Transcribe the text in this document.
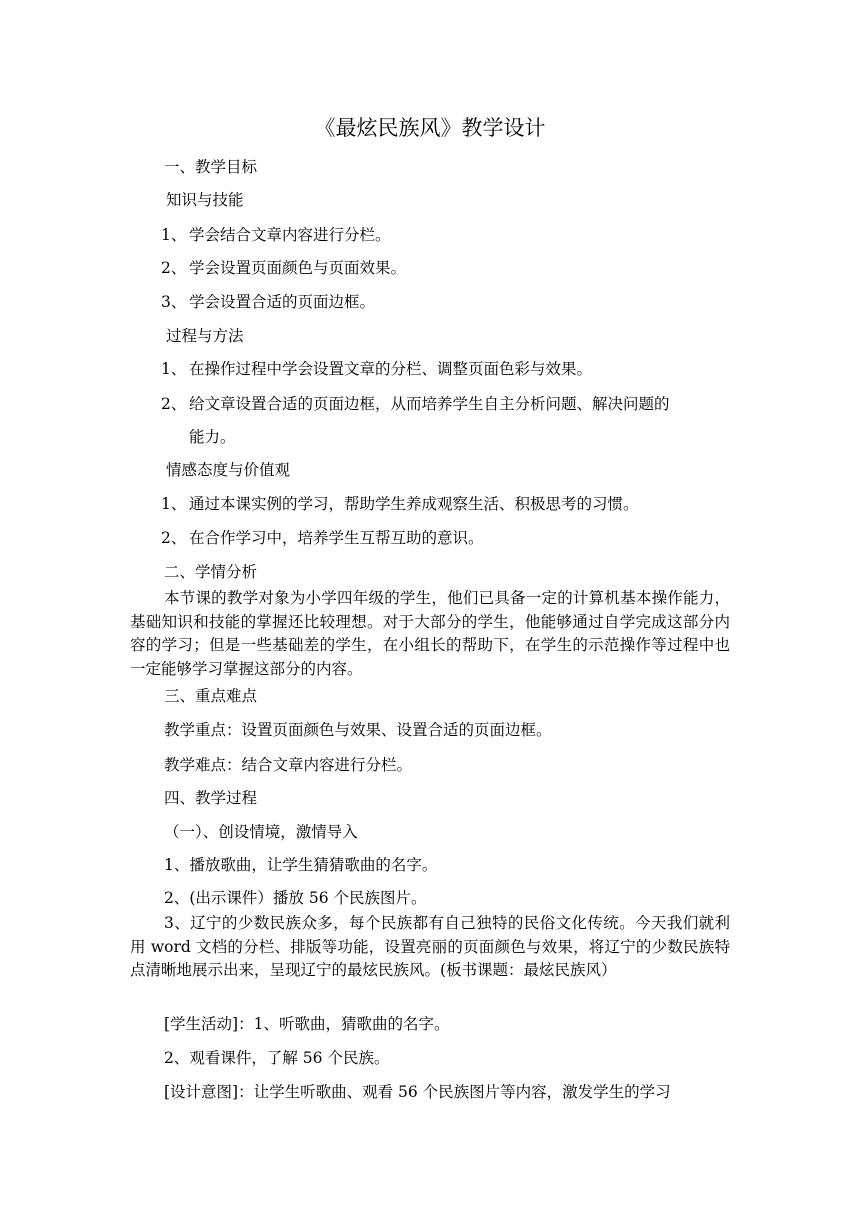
《最炫民族风》教学设计
一、教学目标
知识与技能
1、 学会结合文章内容进行分栏。
2、 学会设置页面颜色与页面效果。
3、 学会设置合适的页面边框。
过程与方法
1、 在操作过程中学会设置文章的分栏、调整页面色彩与效果。
2、 给文章设置合适的页面边框，从而培养学生自主分析问题、解决问题的
能力。
情感态度与价值观
1、 通过本课实例的学习，帮助学生养成观察生活、积极思考的习惯。
2、 在合作学习中，培养学生互帮互助的意识。
二、学情分析
本节课的教学对象为小学四年级的学生，他们已具备一定的计算机基本操作能力，基础知识和技能的掌握还比较理想。对于大部分的学生，他能够通过自学完成这部分内容的学习；但是一些基础差的学生，在小组长的帮助下，在学生的示范操作等过程中也一定能够学习掌握这部分的内容。
三、重点难点
教学重点：设置页面颜色与效果、设置合适的页面边框。
教学难点：结合文章内容进行分栏。
四、教学过程
（一）、创设情境，激情导入
1、播放歌曲，让学生猜猜歌曲的名字。
2、(出示课件）播放 56 个民族图片。
3、辽宁的少数民族众多，每个民族都有自己独特的民俗文化传统。今天我们就利用 word 文档的分栏、排版等功能，设置亮丽的页面颜色与效果，将辽宁的少数民族特点清晰地展示出来，呈现辽宁的最炫民族风。(板书课题：最炫民族风）
[学生活动]：1、听歌曲，猜歌曲的名字。
2、观看课件，了解 56 个民族。
[设计意图]：让学生听歌曲、观看 56 个民族图片等内容，激发学生的学习
